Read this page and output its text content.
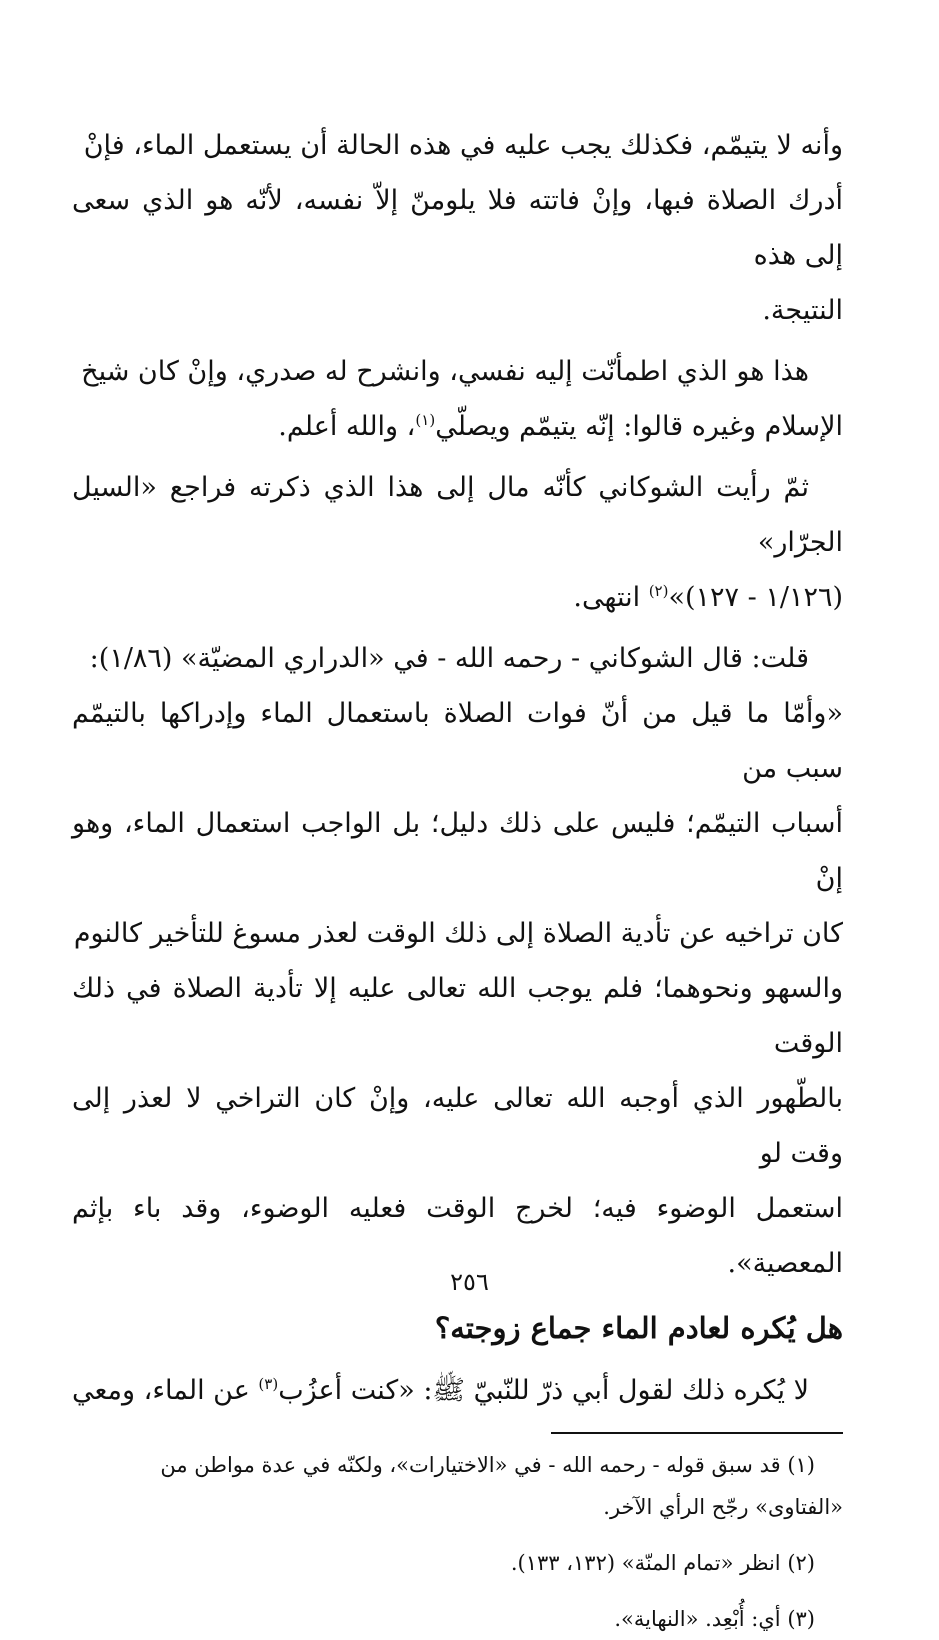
وأنه لا يتيمّم، فكذلك يجب عليه في هذه الحالة أن يستعمل الماء، فإنْ

أدرك الصلاة فبها، وإنْ فاتته فلا يلومنّ إلاّ نفسه، لأنّه هو الذي سعى إلى هذه

النتيجة.

هذا هو الذي اطمأنّت إليه نفسي، وانشرح له صدري، وإنْ كان شيخ

الإسلام وغيره قالوا: إنّه يتيمّم ويصلّي$^{(١)}$، والله أعلم.

ثمّ رأيت الشوكاني كأنّه مال إلى هذا الذي ذكرته فراجع «السيل الجرّار»

(١/١٢٦ - ١٢٧)»$^{(٢)}$ انتهى.

قلت: قال الشوكاني - رحمه الله - في «الدراري المضيّة» (١/٨٦):

«وأمّا ما قيل من أنّ فوات الصلاة باستعمال الماء وإدراكها بالتيمّم سبب من

أسباب التيمّم؛ فليس على ذلك دليل؛ بل الواجب استعمال الماء، وهو إنْ

كان تراخيه عن تأدية الصلاة إلى ذلك الوقت لعذر مسوغ للتأخير كالنوم

والسهو ونحوهما؛ فلم يوجب الله تعالى عليه إلا تأدية الصلاة في ذلك الوقت

بالطّهور الذي أوجبه الله تعالى عليه، وإنْ كان التراخي لا لعذر إلى وقت لو

استعمل الوضوء فيه؛ لخرج الوقت فعليه الوضوء، وقد باء بإثم المعصية».

هل يُكره لعادم الماء جماع زوجته؟

لا يُكره ذلك لقول أبي ذرّ للنّبيّ ﷺ: «كنت أعزُب$^{(٣)}$ عن الماء، ومعي

(١) قد سبق قوله - رحمه الله - في «الاختيارات»، ولكنّه في عدة مواطن من

«الفتاوى» رجّح الرأي الآخر.

(٢) انظر «تمام المنّة» (١٣٢، ١٣٣).

(٣) أي: أُبْعِد. «النهاية».

٢٥٦
